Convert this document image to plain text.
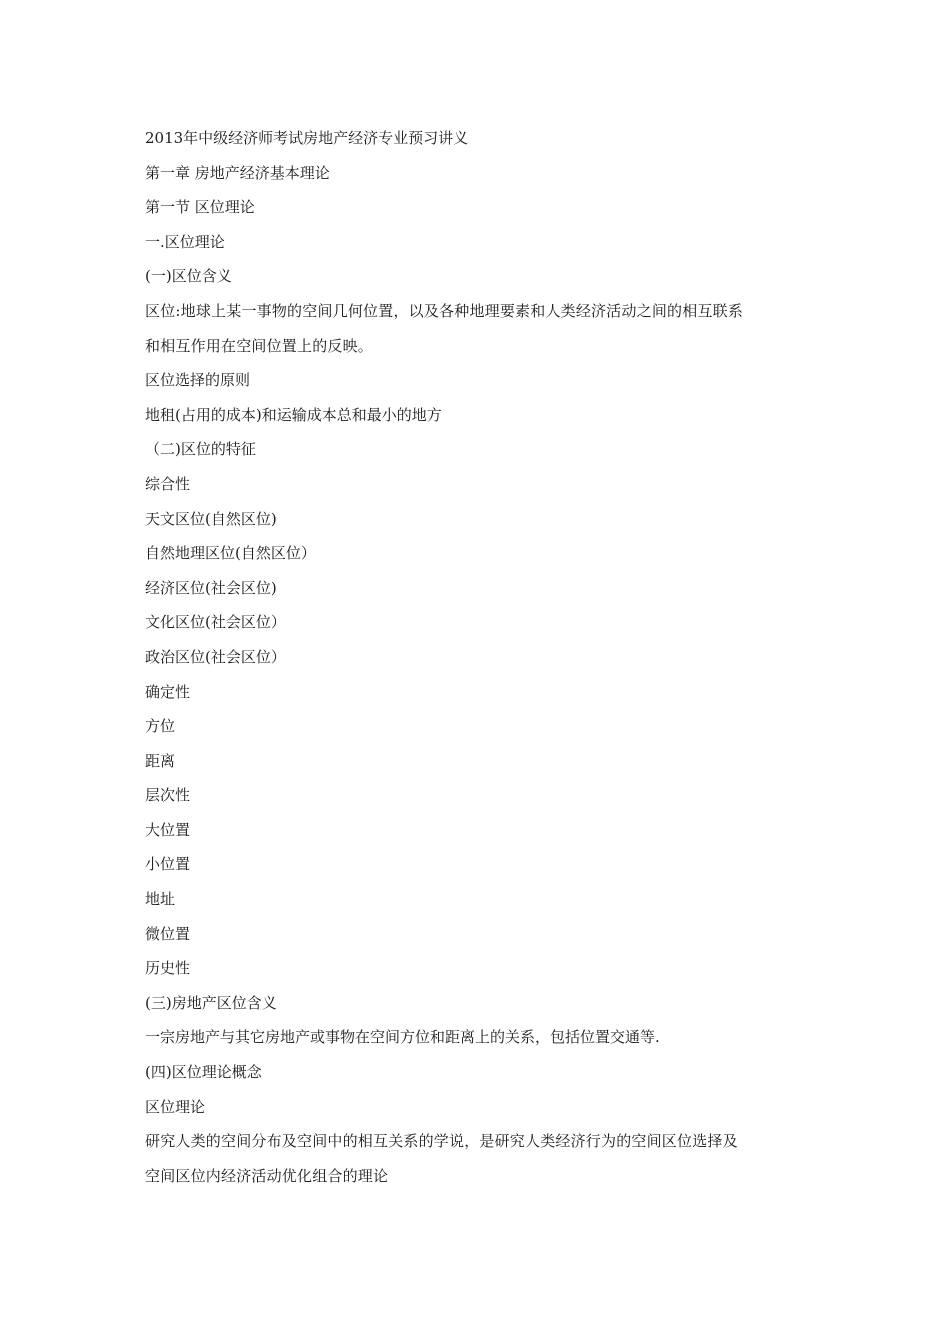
2013年中级经济师考试房地产经济专业预习讲义

第一章 房地产经济基本理论

第一节 区位理论

一.区位理论

(一)区位含义

区位:地球上某一事物的空间几何位置，以及各种地理要素和人类经济活动之间的相互联系
和相互作用在空间位置上的反映。

区位选择的原则

地租(占用的成本)和运输成本总和最小的地方

（二)区位的特征

综合性

天文区位(自然区位)

自然地理区位(自然区位）

经济区位(社会区位)

文化区位(社会区位）

政治区位(社会区位）

确定性

方位

距离

层次性

大位置

小位置

地址

微位置

历史性

(三)房地产区位含义

一宗房地产与其它房地产或事物在空间方位和距离上的关系，包括位置交通等.

(四)区位理论概念

区位理论

研究人类的空间分布及空间中的相互关系的学说，是研究人类经济行为的空间区位选择及
空间区位内经济活动优化组合的理论
